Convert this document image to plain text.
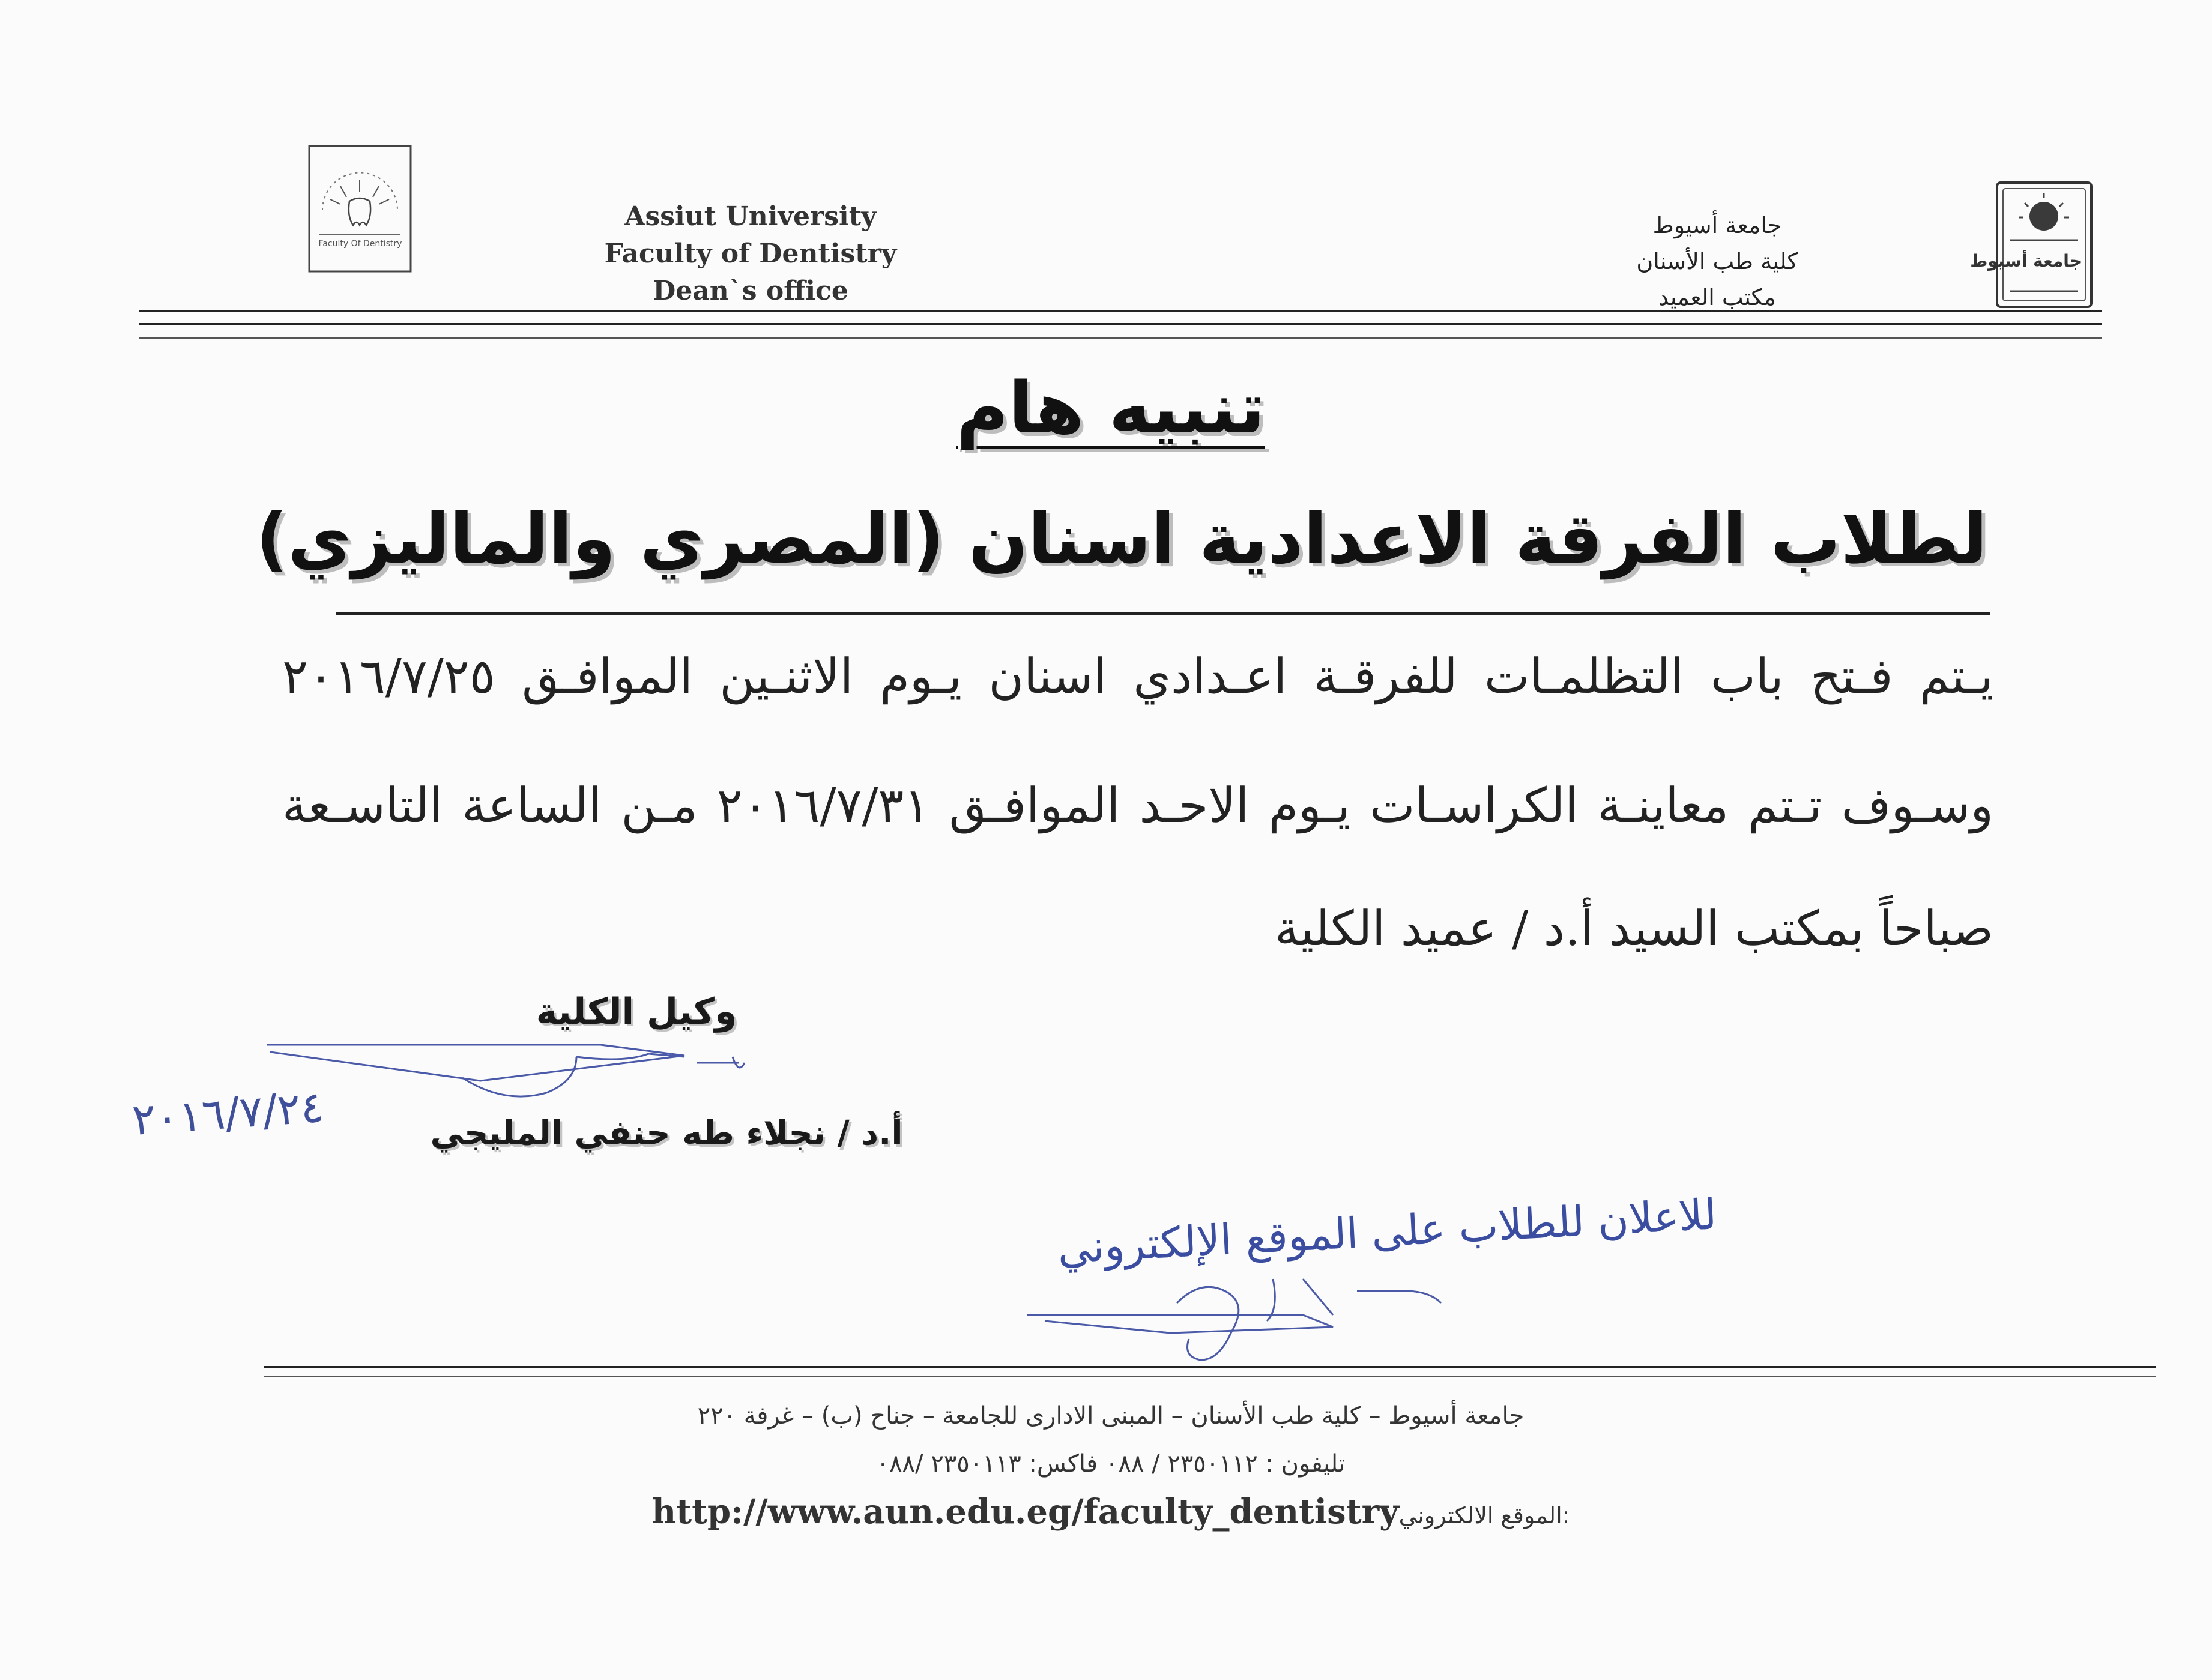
Faculty Of Dentistry
Assiut University
Faculty of Dentistry
Dean`s office
جامعة أسيوط
كلية طب الأسنان
مكتب العميد
جامعة أسيوط
تنبيه هام
لطلاب الفرقة الاعدادية اسنان (المصري والماليزي)
يـتم فـتح باب التظلمـات للفرقـة اعـدادي اسنان يـوم الاثنـين الموافـق ٢٠١٦/٧/٢٥
وسـوف تـتم معاينـة الكراسـات يـوم الاحـد الموافـق ٢٠١٦/٧/٣١ مـن الساعة التاسـعة
صباحاً بمكتب السيد أ.د / عميد الكلية
وكيل الكلية
٢٠١٦/٧/٢٤	أ.د / نجلاء طه حنفي المليجي
للاعلان للطلاب على الموقع الإلكتروني
جامعة أسيوط – كلية طب الأسنان – المبنى الادارى للجامعة – جناح (ب) – غرفة ٢٢٠
تليفون : ٢٣٥٠١١٢ / ٠٨٨ فاكس: ٢٣٥٠١١٣ /٠٨٨
http://www.aun.edu.eg/faculty_dentistryالموقع الالكتروني:
